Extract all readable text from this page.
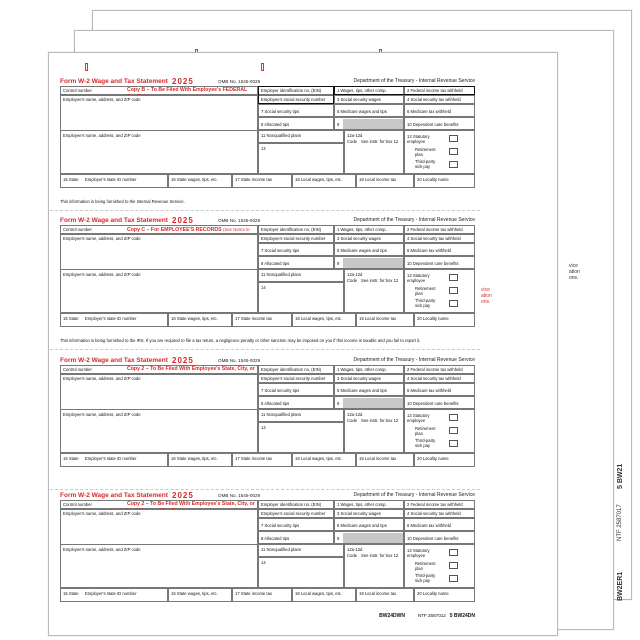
5 BW21
NTF 2587017
BW2ER1
vice
ation
ons.
vice
ation
ons.
Form W-2 Wage and Tax Statement 2025	OMB No. 1545-0029	Department of the Treasury - Internal Revenue Service
Control number	Copy B – To Be Filed With Employee's FEDERAL	Employer identification no. (EIN)	1 Wages, tips, other comp.	2 Federal income tax withheld
Employee's name, address, and ZIP code	Employee's social security number	3 Social security wages	4 Social security tax withheld
7 Social security tips	5 Medicare wages and tips	6 Medicare tax withheld
8 Allocated tips	9	10 Dependent care benefits
Employee's name, address, and ZIP code	11 Nonqualified plans
14
12a-12d
Code See instr. for box 12
13 Statutory employee
Retirement plan
Third-party sick pay
15 State Employer's state ID number	16 State wages, tips, etc.	17 State income tax	18 Local wages, tips, etc.	19 Local income tax	20 Locality name
This information is being furnished to the Internal Revenue Service.

Form W-2 Wage and Tax Statement 2025	OMB No. 1545-0029	Department of the Treasury - Internal Revenue Service
Control number	Copy C – For EMPLOYEE'S RECORDS (See Notice to	Employer identification no. (EIN)	1 Wages, tips, other comp.	2 Federal income tax withheld
Employee's name, address, and ZIP code	Employee's social security number	3 Social security wages	4 Social security tax withheld
7 Social security tips	5 Medicare wages and tips	6 Medicare tax withheld
8 Allocated tips	9	10 Dependent care benefits
Employee's name, address, and ZIP code	11 Nonqualified plans
14
12a-12d
Code See instr. for box 12
13 Statutory employee
Retirement plan
Third-party sick pay
15 State Employer's state ID number	16 State wages, tips, etc.	17 State income tax	18 Local wages, tips, etc.	19 Local income tax	20 Locality name
This information is being furnished to the IRS. If you are required to file a tax return, a negligence penalty or other sanction may be imposed on you if this income is taxable and you fail to report it.

Form W-2 Wage and Tax Statement 2025	OMB No. 1545-0029	Department of the Treasury - Internal Revenue Service
Control number	Copy 2 – To Be Filed With Employee's State, City, or Employer identification no. (EIN)	1 Wages, tips, other comp.	2 Federal income tax withheld
Employee's name, address, and ZIP code	Employee's social security number	3 Social security wages	4 Social security tax withheld
7 Social security tips	5 Medicare wages and tips	6 Medicare tax withheld
8 Allocated tips	9	10 Dependent care benefits
Employee's name, address, and ZIP code	11 Nonqualified plans
14
12a-12d
Code See instr. for box 12
13 Statutory employee
Retirement plan
Third-party sick pay
15 State Employer's state ID number	16 State wages, tips, etc.	17 State income tax	18 Local wages, tips, etc.	19 Local income tax	20 Locality name

Form W-2 Wage and Tax Statement 2025	OMB No. 1545-0029	Department of the Treasury - Internal Revenue Service
Control number	Copy 2 – To Be Filed With Employee's State, City, or Employer identification no. (EIN)	1 Wages, tips, other comp.	2 Federal income tax withheld
Employee's name, address, and ZIP code	Employee's social security number	3 Social security wages	4 Social security tax withheld
7 Social security tips	5 Medicare wages and tips	6 Medicare tax withheld
8 Allocated tips	9	10 Dependent care benefits
Employee's name, address, and ZIP code	11 Nonqualified plans
14
12a-12d
Code See instr. for box 12
13 Statutory employee
Retirement plan
Third-party sick pay
15 State Employer's state ID number	16 State wages, tips, etc.	17 State income tax	18 Local wages, tips, etc.	19 Local income tax	20 Locality name
BW24DWN	NTF 2587012 5 BW24DN
